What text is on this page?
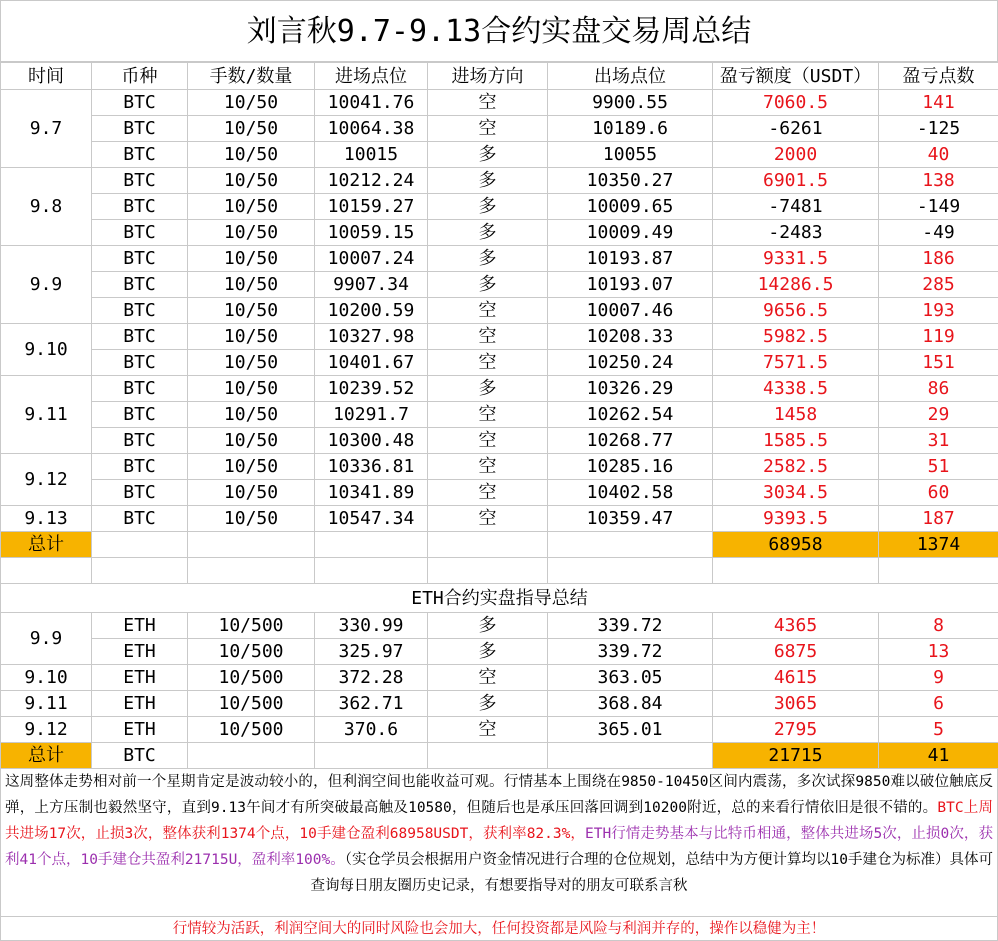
刘言秋9.7-9.13合约实盘交易周总结
时间	币种	手数/数量	进场点位	进场方向	出场点位	盈亏额度（USDT）	盈亏点数
9.7	BTC	10/50	10041.76	空	9900.55	7060.5	141
	BTC	10/50	10064.38	空	10189.6	-6261	-125
	BTC	10/50	10015	多	10055	2000	40
9.8	BTC	10/50	10212.24	多	10350.27	6901.5	138
	BTC	10/50	10159.27	多	10009.65	-7481	-149
	BTC	10/50	10059.15	多	10009.49	-2483	-49
9.9	BTC	10/50	10007.24	多	10193.87	9331.5	186
	BTC	10/50	9907.34	多	10193.07	14286.5	285
	BTC	10/50	10200.59	空	10007.46	9656.5	193
9.10	BTC	10/50	10327.98	空	10208.33	5982.5	119
	BTC	10/50	10401.67	空	10250.24	7571.5	151
9.11	BTC	10/50	10239.52	多	10326.29	4338.5	86
	BTC	10/50	10291.7	空	10262.54	1458	29
	BTC	10/50	10300.48	空	10268.77	1585.5	31
9.12	BTC	10/50	10336.81	空	10285.16	2582.5	51
	BTC	10/50	10341.89	空	10402.58	3034.5	60
9.13	BTC	10/50	10547.34	空	10359.47	9393.5	187
总计						68958	1374

ETH合约实盘指导总结							
9.9	ETH	10/500	330.99	多	339.72	4365	8
	ETH	10/500	325.97	多	339.72	6875	13
9.10	ETH	10/500	372.28	空	363.05	4615	9
9.11	ETH	10/500	362.71	多	368.84	3065	6
9.12	ETH	10/500	370.6	空	365.01	2795	5
总计	BTC					21715	41
这周整体走势相对前一个星期肯定是波动较小的，但利润空间也能收益可观。行情基本上围绕在9850-10450区间内震荡，多次试探9850难以破位触底反弹，上方压制也毅然坚守，直到9.13午间才有所突破最高触及10580，但随后也是承压回落回调到10200附近，总的来看行情依旧是很不错的。BTC上周共进场17次，止损3次，整体获利1374个点，10手建仓盈利68958USDT，获利率82.3%，ETH行情走势基本与比特币相通，整体共进场5次，止损0次，获利41个点，10手建仓共盈利21715U，盈利率100%。（实仓学员会根据用户资金情况进行合理的仓位规划，总结中为方便计算均以10手建仓为标准）具体可查询每日朋友圈历史记录，有想要指导对的朋友可联系言秋
行情较为活跃，利润空间大的同时风险也会加大，任何投资都是风险与利润并存的，操作以稳健为主！
